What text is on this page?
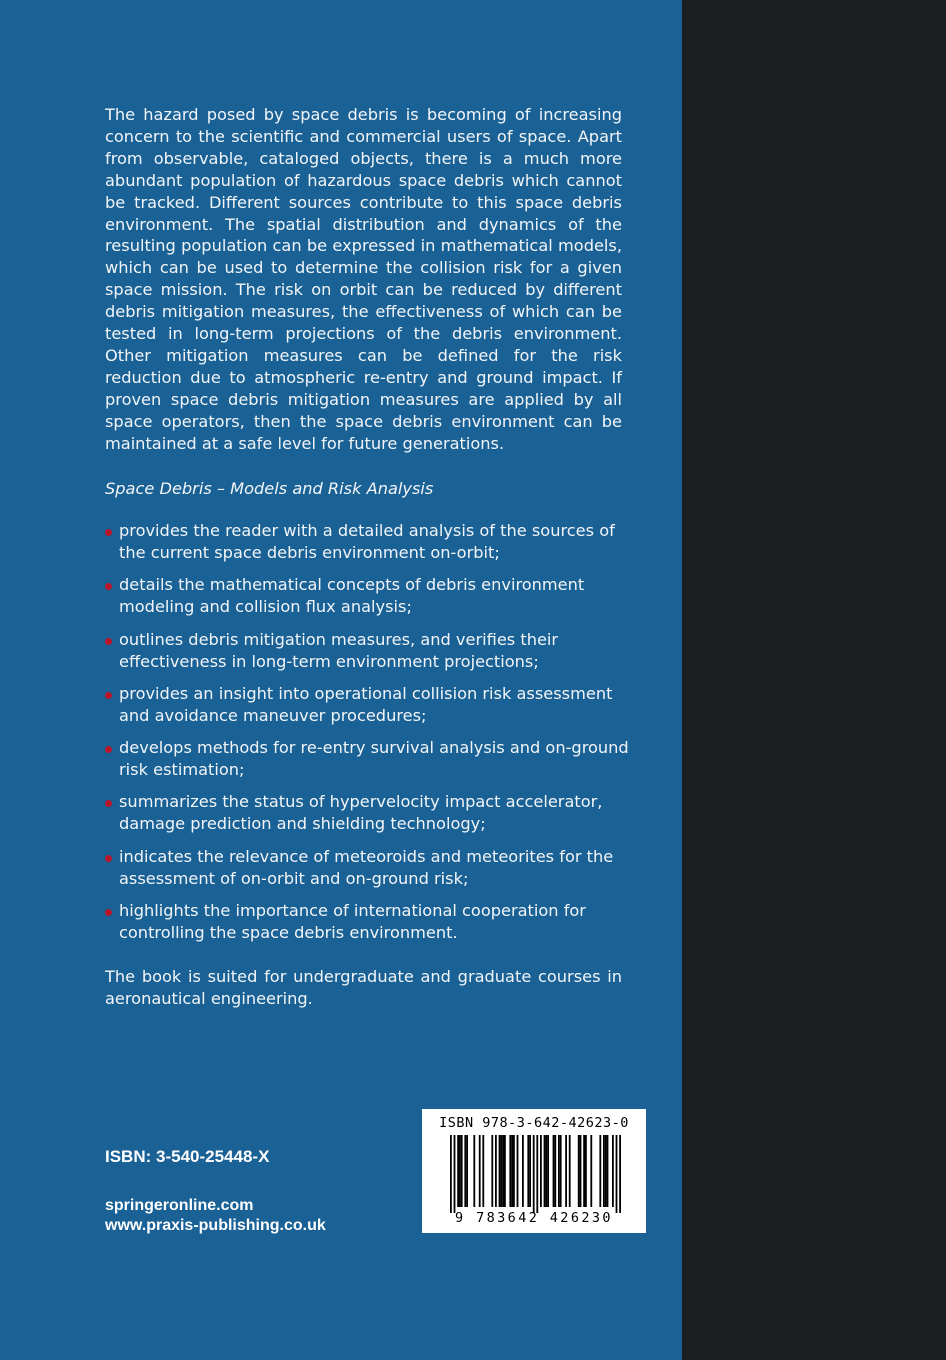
The hazard posed by space debris is becoming of increasing concern to the scientific and commercial users of space. Apart from observable, cataloged objects, there is a much more abundant population of hazardous space debris which cannot be tracked. Different sources contribute to this space debris environment. The spatial distribution and dynamics of the resulting population can be expressed in mathematical models, which can be used to determine the collision risk for a given space mission. The risk on orbit can be reduced by different debris mitigation measures, the effectiveness of which can be tested in long-term projections of the debris environment. Other mitigation measures can be defined for the risk reduction due to atmospheric re-entry and ground impact. If proven space debris mitigation measures are applied by all space operators, then the space debris environment can be maintained at a safe level for future generations.

Space Debris – Models and Risk Analysis

provides the reader with a detailed analysis of the sources of the current space debris environment on-orbit;
details the mathematical concepts of debris environment modeling and collision flux analysis;
outlines debris mitigation measures, and verifies their effectiveness in long-term environment projections;
provides an insight into operational collision risk assessment and avoidance maneuver procedures;
develops methods for re-entry survival analysis and on-ground risk estimation;
summarizes the status of hypervelocity impact accelerator, damage prediction and shielding technology;
indicates the relevance of meteoroids and meteorites for the assessment of on-orbit and on-ground risk;
highlights the importance of international cooperation for controlling the space debris environment.

The book is suited for undergraduate and graduate courses in aeronautical engineering.

ISBN: 3-540-25448-X
springeronline.com
www.praxis-publishing.co.uk
ISBN 978-3-642-42623-0
9 783642 426230
